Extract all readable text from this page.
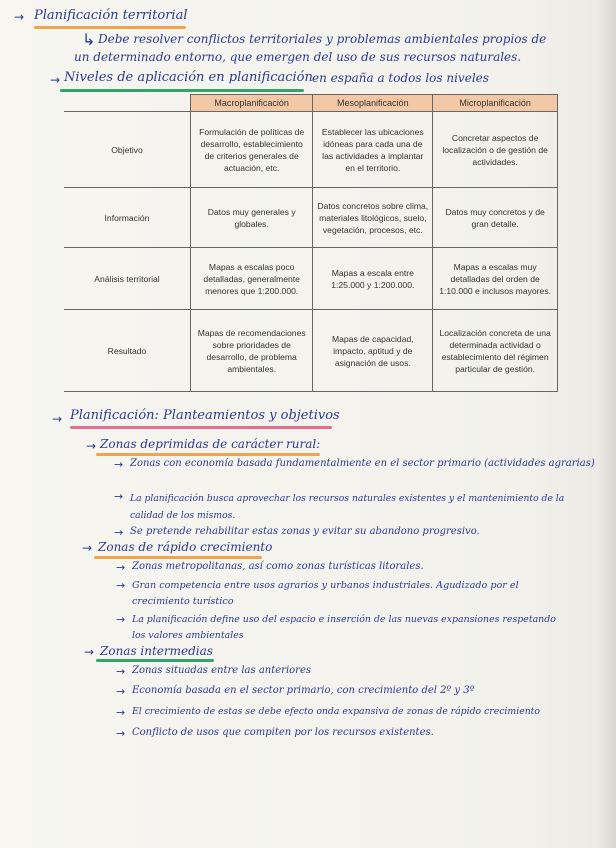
→ Planificación territorial
↳ Debe resolver conflictos territoriales y problemas ambientales propios de
un determinado entorno, que emergen del uso de sus recursos naturales.
→ Niveles de aplicación en planificación en españa a todos los niveles
	Macroplanificación	Mesoplanificación	Microplanificación
Objetivo	Formulación de políticas de desarrollo, establecimiento de criterios generales de actuación, etc.	Establecer las ubicaciones idóneas para cada una de las actividades a implantar en el territorio.	Concretar aspectos de localización o de gestión de actividades.
Información	Datos muy generales y globales.	Datos concretos sobre clima, materiales litológicos, suelo, vegetación, procesos, etc.	Datos muy concretos y de gran detalle.
Análisis territorial	Mapas a escalas poco detalladas, generalmente menores que 1:200.000.	Mapas a escala entre 1:25.000 y 1:200.000.	Mapas a escalas muy detalladas del orden de 1:10.000 e inclusos mayores.
Resultado	Mapas de recomendaciones sobre prioridades de desarrollo, de problema ambientales.	Mapas de capacidad, impacto, aptitud y de asignación de usos.	Localización concreta de una determinada actividad o establecimiento del régimen particular de gestión.
→ Planificación: Planteamientos y objetivos
→ Zonas deprimidas de carácter rural:
→ Zonas con economía basada fundamentalmente en el sector primario (actividades agrarias)
→ La planificación busca aprovechar los recursos naturales existentes y el mantenimiento de la calidad de los mismos.
→ Se pretende rehabilitar estas zonas y evitar su abandono progresivo.
→ Zonas de rápido crecimiento
→ Zonas metropolitanas, así como zonas turísticas litorales.
→ Gran competencia entre usos agrarios y urbanos industriales. Agudizado por el crecimiento turístico
→ La planificación define uso del espacio e inserción de las nuevas expansiones respetando los valores ambientales
→ Zonas intermedias
→ Zonas situadas entre las anteriores
→ Economía basada en el sector primario, con crecimiento del 2º y 3º
→ El crecimiento de estas se debe efecto onda expansiva de zonas de rápido crecimiento
→ Conflicto de usos que compiten por los recursos existentes.
